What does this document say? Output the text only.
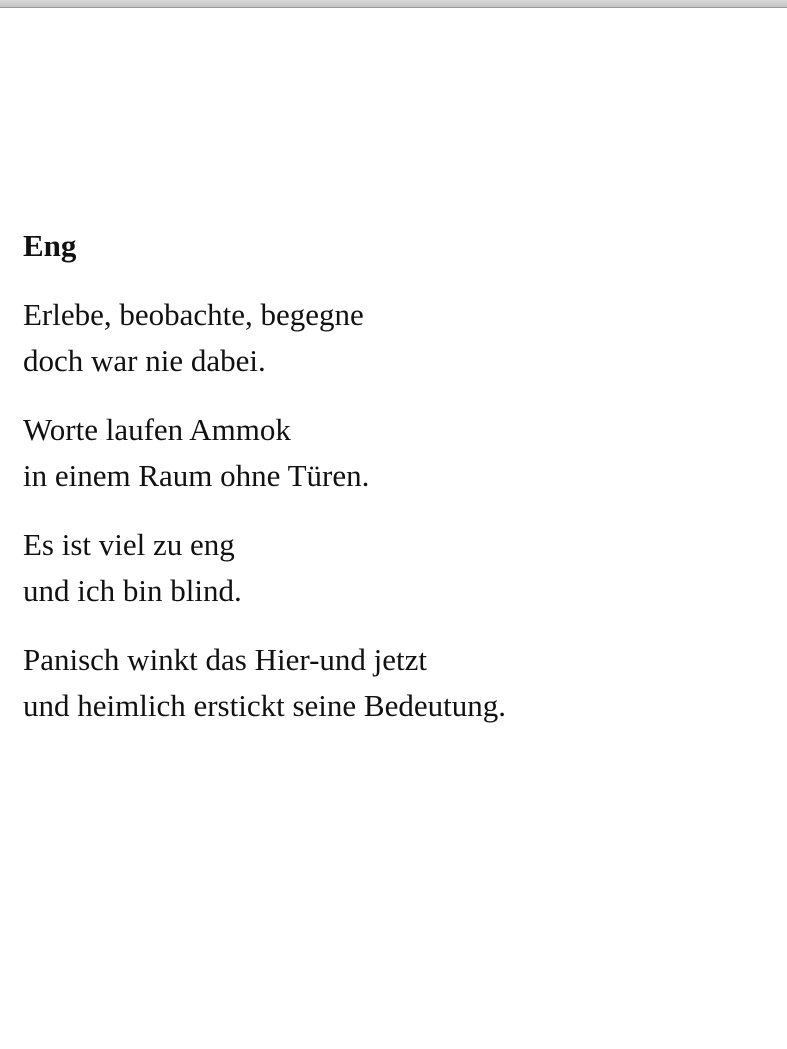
Eng
Erlebe, beobachte, begegne
doch war nie dabei.
Worte laufen Ammok
in einem Raum ohne Türen.
Es ist viel zu eng
und ich bin blind.
Panisch winkt das Hier-und jetzt
und heimlich erstickt seine Bedeutung.
